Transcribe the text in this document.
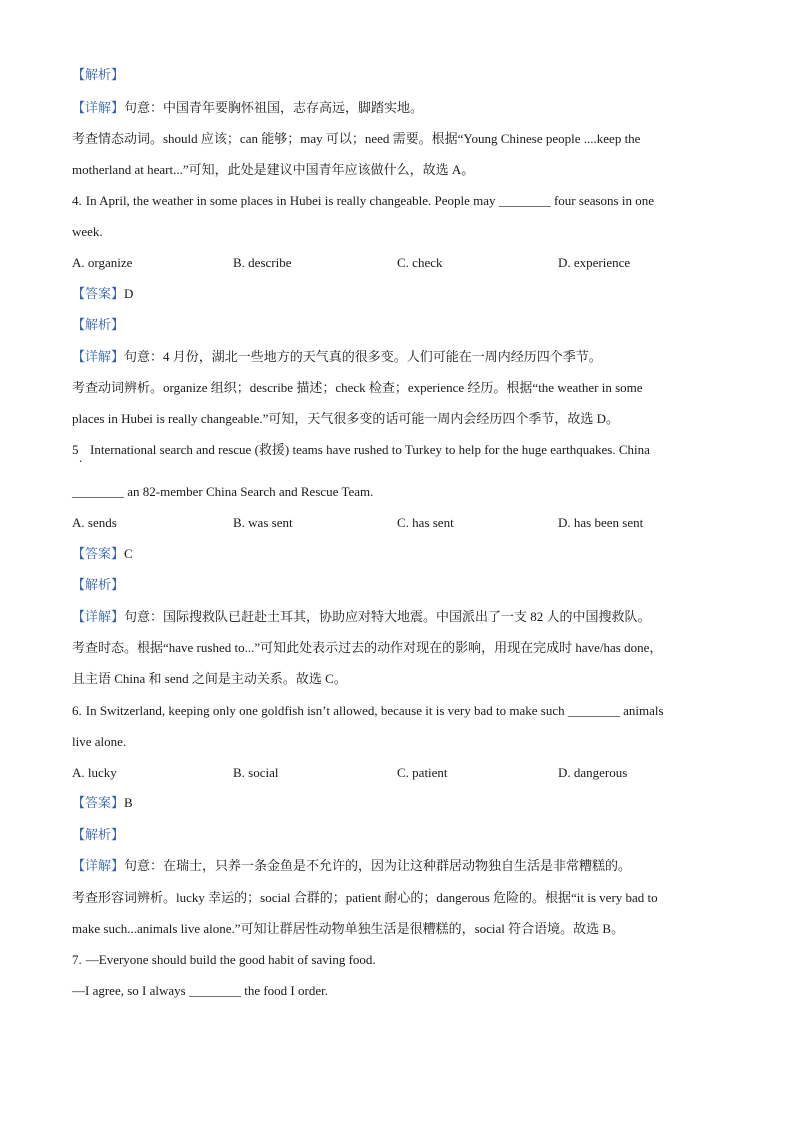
【解析】
【详解】句意：中国青年要胸怀祖国，志存高远，脚踏实地。
考查情态动词。should 应该；can 能够；may 可以；need 需要。根据“Young Chinese people ....keep the
motherland at heart...”可知，此处是建议中国青年应该做什么，故选 A。
4. In April, the weather in some places in Hubei is really changeable. People may ________ four seasons in one
week.
A. organize	B. describe	C. check	D. experience
【答案】D
【解析】
【详解】句意：4 月份，湖北一些地方的天气真的很多变。人们可能在一周内经历四个季节。
考查动词辨析。organize 组织；describe 描述；check 检查；experience 经历。根据“the weather in some
places in Hubei is really changeable.”可知，天气很多变的话可能一周内会经历四个季节，故选 D。
5 International search and rescue (救援) teams have rushed to Turkey to help for the huge earthquakes. China
.
________ an 82-member China Search and Rescue Team.
A. sends	B. was sent	C. has sent	D. has been sent
【答案】C
【解析】
【详解】句意：国际搜救队已赶赴土耳其，协助应对特大地震。中国派出了一支 82 人的中国搜救队。
考查时态。根据“have rushed to...”可知此处表示过去的动作对现在的影响，用现在完成时 have/has done，
且主语 China 和 send 之间是主动关系。故选 C。
6. In Switzerland, keeping only one goldfish isn’t allowed, because it is very bad to make such ________ animals
live alone.
A. lucky	B. social	C. patient	D. dangerous
【答案】B
【解析】
【详解】句意：在瑞士，只养一条金鱼是不允许的，因为让这种群居动物独自生活是非常糟糕的。
考查形容词辨析。lucky 幸运的；social 合群的；patient 耐心的；dangerous 危险的。根据“it is very bad to
make such...animals live alone.”可知让群居性动物单独生活是很糟糕的，social 符合语境。故选 B。
7. —Everyone should build the good habit of saving food.
—I agree, so I always ________ the food I order.
